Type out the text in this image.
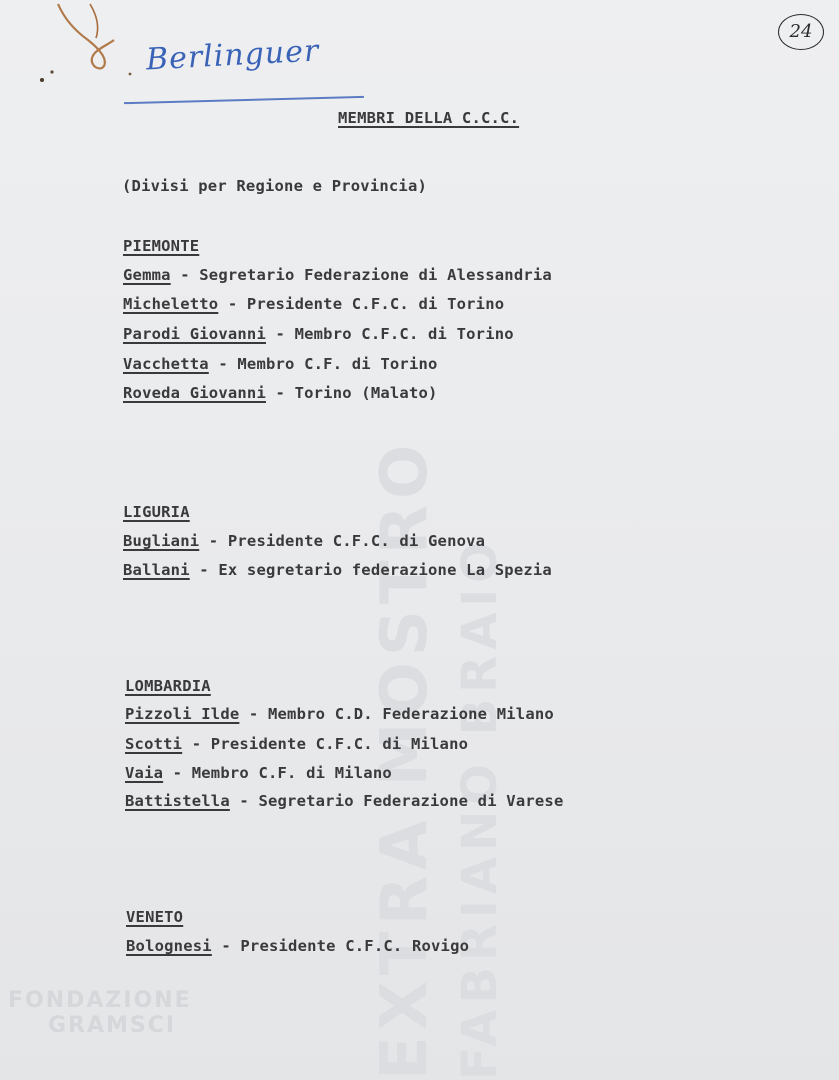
EXTRA MOSTRO FABRIANO BRAIO
FONDAZIONE
GRAMSCI
Berlinguer
24

MEMBRI DELLA C.C.C.

(Divisi per Regione e Provincia)

PIEMONTE

Gemma - Segretario Federazione di Alessandria

Micheletto - Presidente C.F.C. di Torino

Parodi Giovanni - Membro C.F.C. di Torino

Vacchetta - Membro C.F. di Torino

Roveda Giovanni - Torino (Malato)

LIGURIA

Bugliani - Presidente C.F.C. di Genova

Ballani - Ex segretario federazione La Spezia

LOMBARDIA

Pizzoli Ilde - Membro C.D. Federazione Milano

Scotti - Presidente C.F.C. di Milano

Vaia - Membro C.F. di Milano

Battistella - Segretario Federazione di Varese

VENETO

Bolognesi - Presidente C.F.C. Rovigo
